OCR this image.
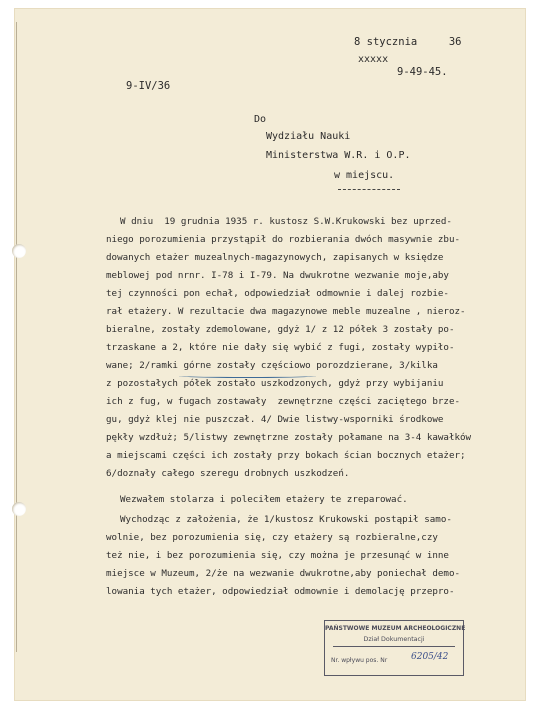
8 stycznia     36
xxxxx
9-49-45.
9-IV/36
Do
Wydziału Nauki
Ministerstwa W.R. i O.P.
w miejscu.
W dniu  19 grudnia 1935 r. kustosz S.W.Krukowski bez uprzed-
niego porozumienia przystąpił do rozbierania dwóch masywnie zbu-
dowanych etażer muzealnych-magazynowych, zapisanych w księdze
meblowej pod nrnr. I-78 i I-79. Na dwukrotne wezwanie moje,aby
tej czynności pon echał, odpowiedział odmownie i dalej rozbie-
rał etażery. W rezultacie dwa magazynowe meble muzealne , nieroz-
bieralne, zostały zdemolowane, gdyż 1/ z 12 półek 3 zostały po-
trzaskane a 2, które nie dały się wybić z fugi, zostały wypiło-
wane; 2/ramki górne zostały częściowo porozdzierane, 3/kilka
z pozostałych półek zostało uszkodzonych, gdyż przy wybijaniu
ich z fug, w fugach zostawały  zewnętrzne części zaciętego brze-
gu, gdyż klej nie puszczał. 4/ Dwie listwy-wsporniki środkowe
pękły wzdłuż; 5/listwy zewnętrzne zostały połamane na 3-4 kawałków
a miejscami części ich zostały przy bokach ścian bocznych etażer;
6/doznały całego szeregu drobnych uszkodzeń.
Wezwałem stolarza i poleciłem etażery te zreparować.
Wychodząc z założenia, że 1/kustosz Krukowski postąpił samo-
wolnie, bez porozumienia się, czy etażery są rozbieralne,czy
też nie, i bez porozumienia się, czy można je przesunąć w inne
miejsce w Muzeum, 2/że na wezwanie dwukrotne,aby poniechał demo-
lowania tych etażer, odpowiedział odmownie i demolację przepro-
PAŃSTWOWE MUZEUM ARCHEOLOGICZNE
Dział Dokumentacji
Nr. wpływu pos. Nr	6205/42
